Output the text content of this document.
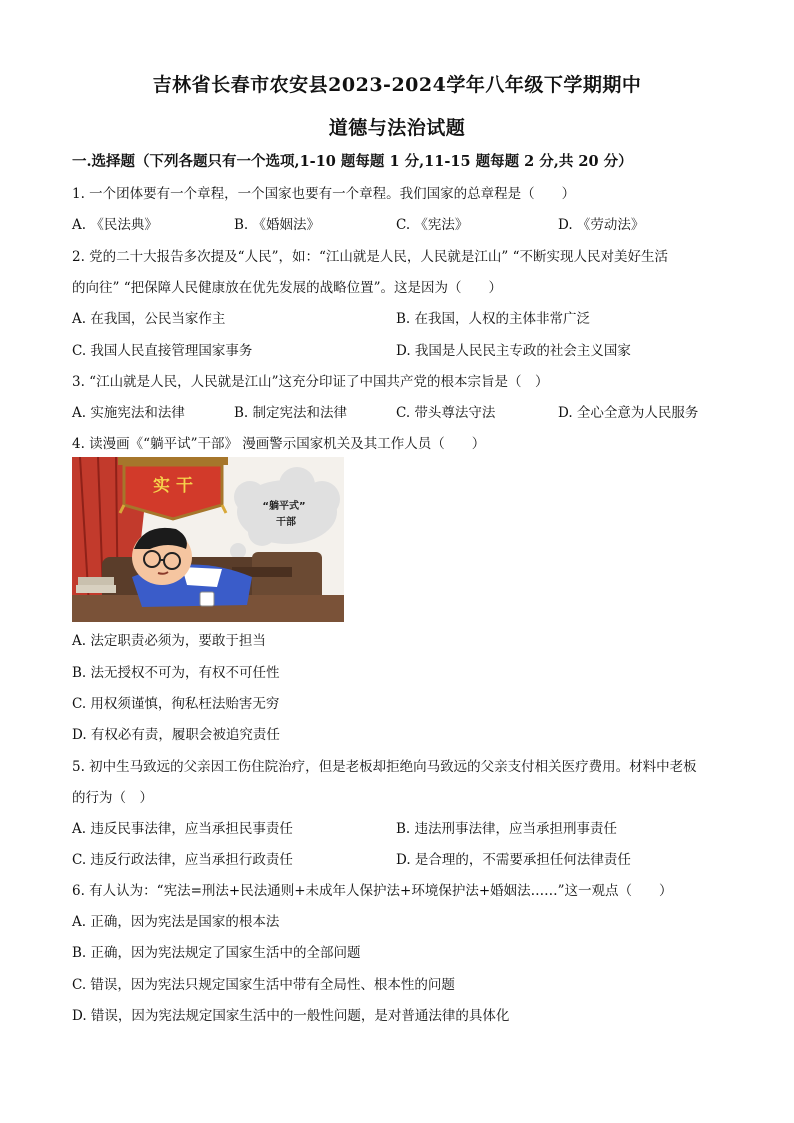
吉林省长春市农安县2023-2024学年八年级下学期期中
道德与法治试题
一.选择题（下列各题只有一个选项,1-10 题每题 1 分,11-15 题每题 2 分,共 20 分）
1. 一个团体要有一个章程，一个国家也要有一个章程。我们国家的总章程是（　　）
A. 《民法典》	B. 《婚姻法》	C. 《宪法》	D. 《劳动法》
2. 党的二十大报告多次提及“人民”，如：“江山就是人民，人民就是江山” “不断实现人民对美好生活
的向往” “把保障人民健康放在优先发展的战略位置”。这是因为（　　）
A. 在我国，公民当家作主	B. 在我国，人权的主体非常广泛
C. 我国人民直接管理国家事务	D. 我国是人民民主专政的社会主义国家
3. “江山就是人民，人民就是江山”这充分印证了中国共产党的根本宗旨是（　）
A. 实施宪法和法律	B. 制定宪法和法律	C. 带头尊法守法	D. 全心全意为人民服务
4. 读漫画《“躺平试”干部》 漫画警示国家机关及其工作人员（　　）
实 干
“躺平式”
干部
A. 法定职责必须为，要敢于担当
B. 法无授权不可为，有权不可任性
C. 用权须谨慎，徇私枉法贻害无穷
D. 有权必有责，履职会被追究责任
5. 初中生马致远的父亲因工伤住院治疗，但是老板却拒绝向马致远的父亲支付相关医疗费用。材料中老板
的行为（　）
A. 违反民事法律，应当承担民事责任	B. 违法刑事法律，应当承担刑事责任
C. 违反行政法律，应当承担行政责任	D. 是合理的，不需要承担任何法律责任
6. 有人认为：“宪法=刑法+民法通则+未成年人保护法+环境保护法+婚姻法……”这一观点（　　）
A. 正确，因为宪法是国家的根本法
B. 正确，因为宪法规定了国家生活中的全部问题
C. 错误，因为宪法只规定国家生活中带有全局性、根本性的问题
D. 错误，因为宪法规定国家生活中的一般性问题，是对普通法律的具体化
